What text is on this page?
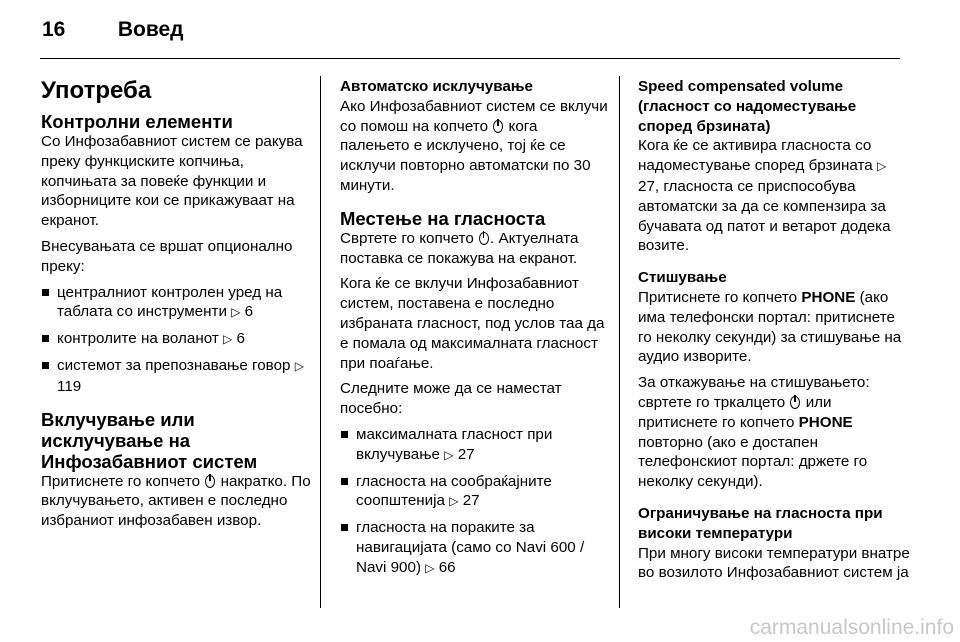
16 Вовед
Употреба
Контролни елементи

Со Инфозабавниот систем се ракува преку функциските копчиња, копчињата за повеќе функции и изборниците кои се прикажуваат на екранот.

Внесувањата се вршат опционално преку:

централниот контролен уред на таблата со инструменти ▷ 6
контролите на воланот ▷ 6
системот за препознавање говор ▷ 119
Вклучување или исклучување на Инфозабавниот систем

Притиснете го копчето накратко. По вклучувањето, активен е последно избраниот инфозабавен извор.

Автоматско исклучување

Ако Инфозабавниот систем се вклучи со помош на копчето кога палењето е исклучено, тој ќе се исклучи повторно автоматски по 30 минути.

Местење на гласноста

Свртете го копчето . Актуелната поставка се покажува на екранот.

Кога ќе се вклучи Инфозабавниот систем, поставена е последно избраната гласност, под услов таа да е помала од максималната гласност при поаѓање.

Следните може да се наместат посебно:

максималната гласност при вклучување ▷ 27
гласноста на сообраќајните соопштенија ▷ 27
гласноста на пораките за навигацијата (само со Navi 600 / Navi 900) ▷ 66
Speed compensated volume (гласност со надоместување според брзината)

Кога ќе се активира гласноста со надоместување според брзината ▷ 27, гласноста се приспособува автоматски за да се компензира за бучавата од патот и ветарот додека возите.

Стишување

Притиснете го копчето PHONE (ако има телефонски портал: притиснете го неколку секунди) за стишување на аудио изворите.

За откажување на стишувањето: свртете го тркалцето или притиснете го копчето PHONE повторно (ако е достапен телефонскиот портал: држете го неколку секунди).

Ограничување на гласноста при високи температури

При многу високи температури внатре во возилото Инфозабавниот систем ја

carmanualsonline.info
